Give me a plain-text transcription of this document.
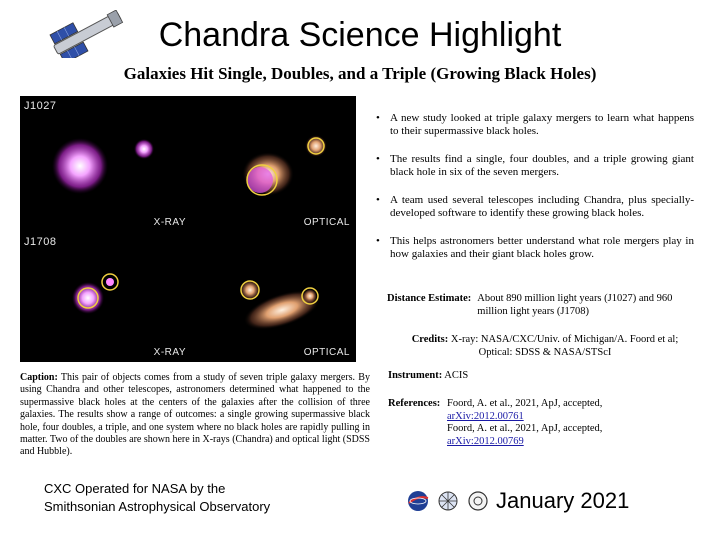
Chandra Science Highlight
Galaxies Hit Single, Doubles, and a Triple (Growing Black Holes)
J1027
X-RAY	OPTICAL
J1708
X-RAY	OPTICAL
• A new study looked at triple galaxy mergers to learn what happens to their supermassive black holes.
• The results find a single, four doubles, and a triple growing giant black hole in six of the seven mergers.
• A team used several telescopes including Chandra, plus specially-developed software to identify these growing black holes.
• This helps astronomers better understand what role mergers play in how galaxies and their giant black holes grow.
Distance Estimate: About 890 million light years (J1027) and 960 million light years (J1708)
Credits: X-ray: NASA/CXC/Univ. of Michigan/A. Foord et al;
Optical: SDSS & NASA/STScI
Caption: This pair of objects comes from a study of seven triple galaxy mergers. By using Chandra and other telescopes, astronomers determined what happened to the supermassive black holes at the centers of the galaxies after the collision of three galaxies. The results show a range of outcomes: a single growing supermassive black hole, four doubles, a triple, and one system where no black holes are rapidly pulling in matter. Two of the doubles are shown here in X-rays (Chandra) and optical light (SDSS and Hubble).
Instrument: ACIS
References: Foord, A. et al., 2021, ApJ, accepted,
arXiv:2012.00761
Foord, A. et al., 2021, ApJ, accepted,
arXiv:2012.00769
CXC Operated for NASA by the
Smithsonian Astrophysical Observatory	January 2021
